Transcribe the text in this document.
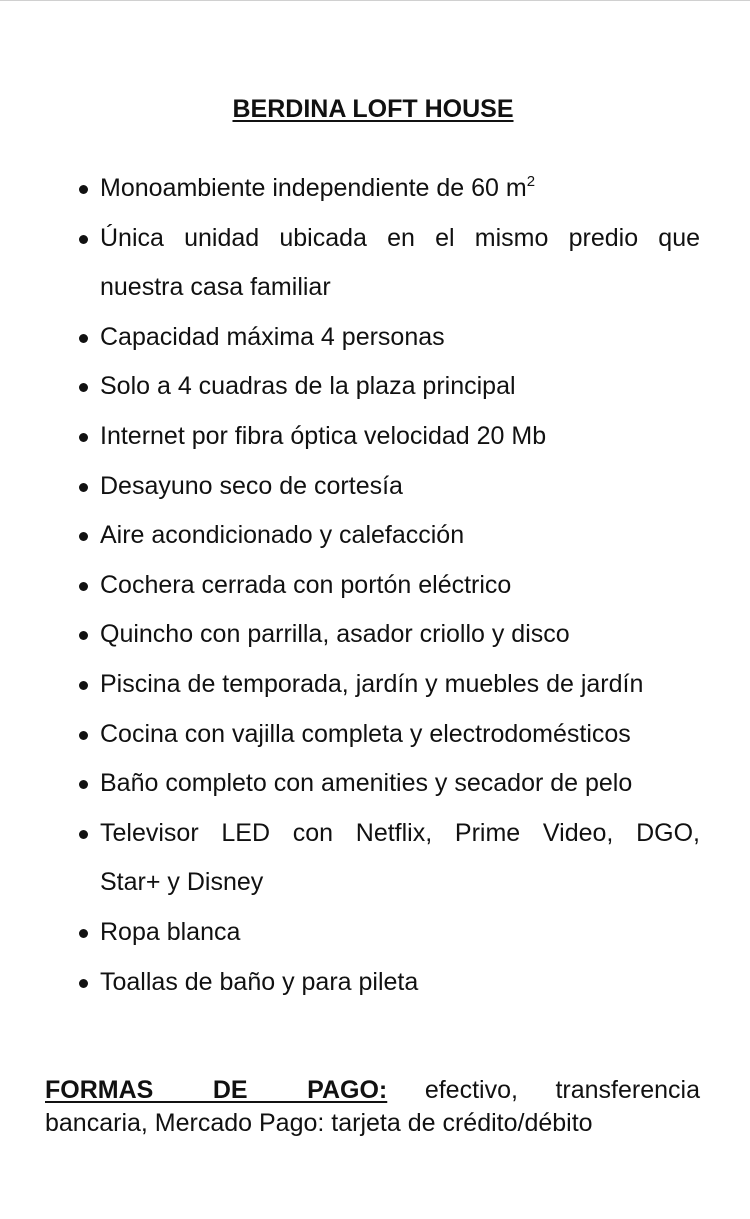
BERDINA LOFT HOUSE
Monoambiente independiente de 60 $m^2$
Única unidad ubicada en el mismo predio que
nuestra casa familiar
Capacidad máxima 4 personas
Solo a 4 cuadras de la plaza principal
Internet por fibra óptica velocidad 20 Mb
Desayuno seco de cortesía
Aire acondicionado y calefacción
Cochera cerrada con portón eléctrico
Quincho con parrilla, asador criollo y disco
Piscina de temporada, jardín y muebles de jardín
Cocina con vajilla completa y electrodomésticos
Baño completo con amenities y secador de pelo
Televisor LED con Netflix, Prime Video, DGO,
Star+ y Disney
Ropa blanca
Toallas de baño y para pileta
FORMAS DE PAGO: efectivo, transferencia
bancaria, Mercado Pago: tarjeta de crédito/débito
